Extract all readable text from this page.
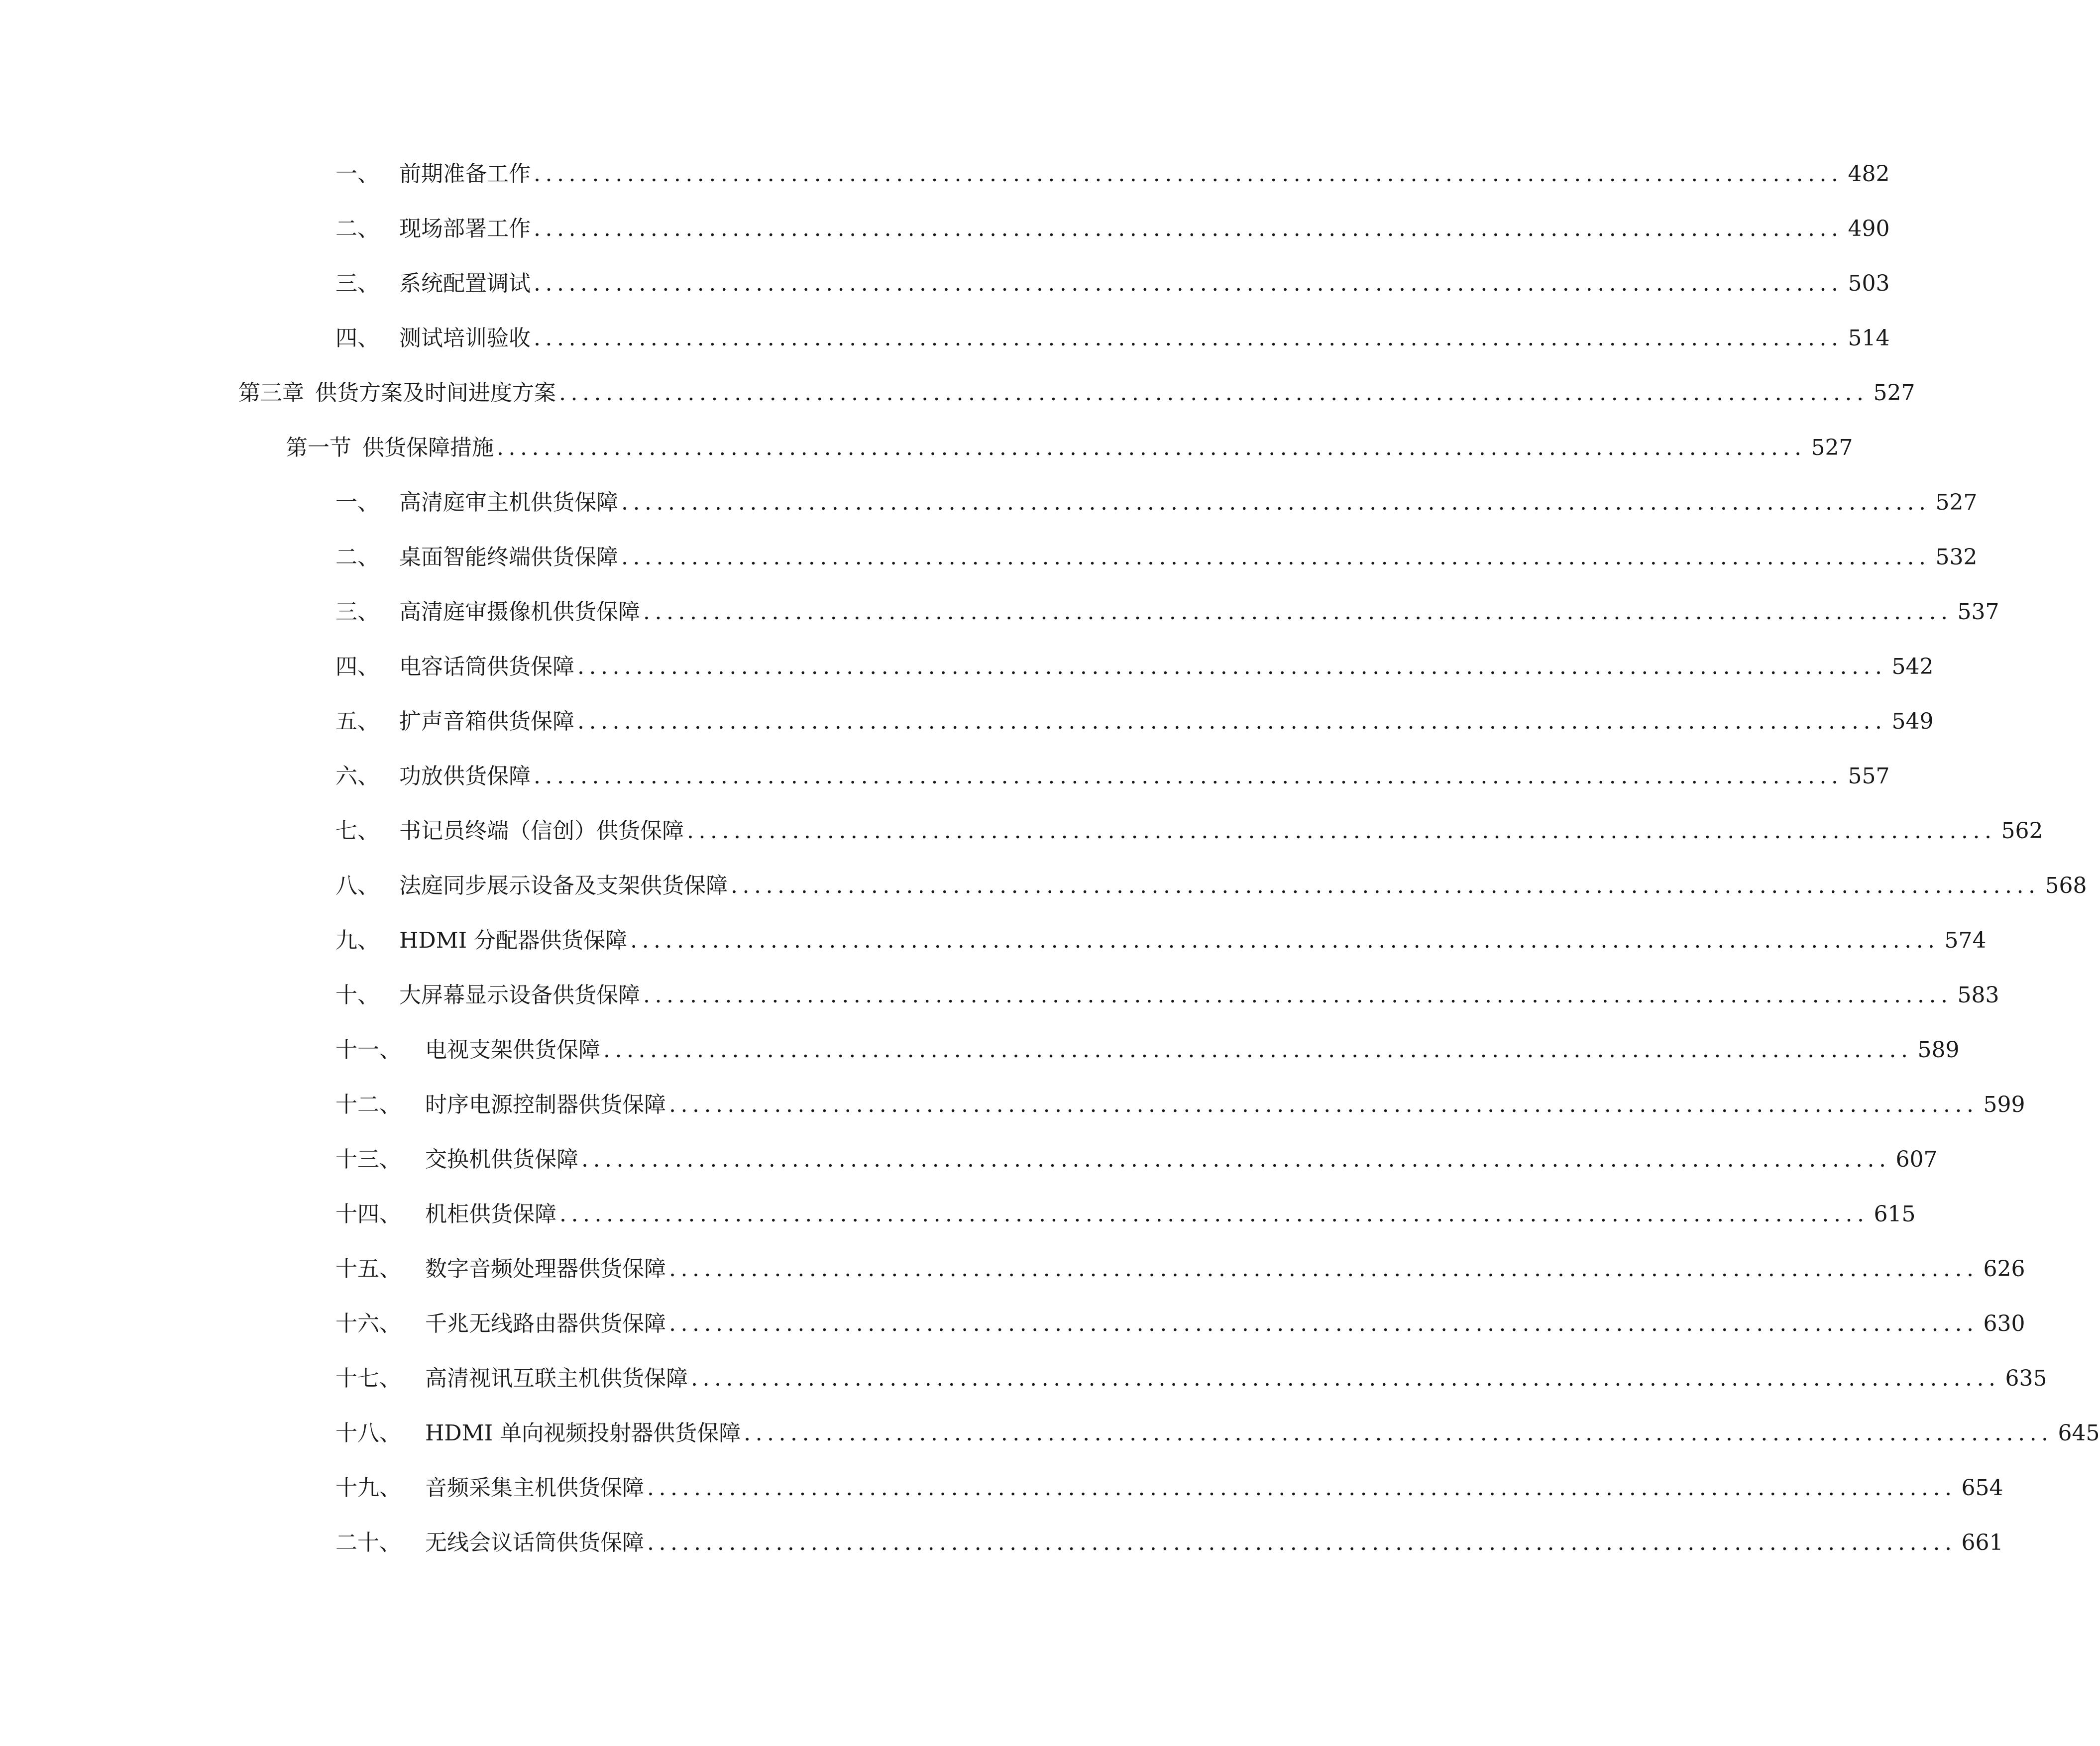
一、 前期准备工作 ................................................................................................................ 482
二、 现场部署工作 ................................................................................................................ 490
三、 系统配置调试 ................................................................................................................ 503
四、 测试培训验收 ................................................................................................................ 514
第三章 供货方案及时间进度方案 ................................................................................................................ 527
第一节 供货保障措施 ................................................................................................................ 527
一、 高清庭审主机供货保障 ................................................................................................................ 527
二、 桌面智能终端供货保障 ................................................................................................................ 532
三、 高清庭审摄像机供货保障 ................................................................................................................ 537
四、 电容话筒供货保障 ................................................................................................................ 542
五、 扩声音箱供货保障 ................................................................................................................ 549
六、 功放供货保障 ................................................................................................................ 557
七、 书记员终端（信创）供货保障 ................................................................................................................ 562
八、 法庭同步展示设备及支架供货保障 ................................................................................................................ 568
九、 HDMI 分配器供货保障 ................................................................................................................ 574
十、 大屏幕显示设备供货保障 ................................................................................................................ 583
十一、	电视支架供货保障 ................................................................................................................ 589
十二、	时序电源控制器供货保障 ................................................................................................................ 599
十三、	交换机供货保障 ................................................................................................................ 607
十四、	机柜供货保障 ................................................................................................................ 615
十五、	数字音频处理器供货保障 ................................................................................................................ 626
十六、	千兆无线路由器供货保障 ................................................................................................................ 630
十七、	高清视讯互联主机供货保障 ................................................................................................................ 635
十八、	HDMI 单向视频投射器供货保障 ................................................................................................................ 645
十九、	音频采集主机供货保障 ................................................................................................................ 654
二十、	无线会议话筒供货保障 ................................................................................................................ 661
